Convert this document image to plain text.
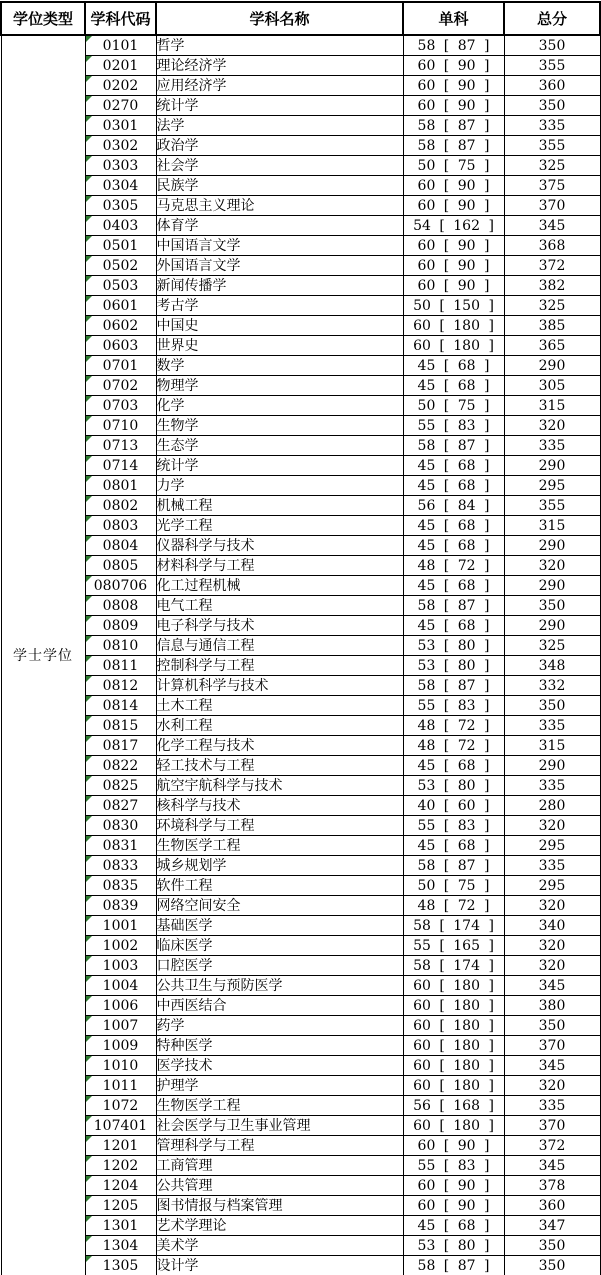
学位类型	学科代码	学科名称	单科	总分
学士学位	0101	哲学	58 [ 87 ]	350

0201	理论经济学	60 [ 90 ]	355

0202	应用经济学	60 [ 90 ]	360

0270	统计学	60 [ 90 ]	350

0301	法学	58 [ 87 ]	335

0302	政治学	58 [ 87 ]	355

0303	社会学	50 [ 75 ]	325

0304	民族学	60 [ 90 ]	375

0305	马克思主义理论	60 [ 90 ]	370

0403	体育学	54 [ 162 ]	345

0501	中国语言文学	60 [ 90 ]	368

0502	外国语言文学	60 [ 90 ]	372

0503	新闻传播学	60 [ 90 ]	382

0601	考古学	50 [ 150 ]	325

0602	中国史	60 [ 180 ]	385

0603	世界史	60 [ 180 ]	365

0701	数学	45 [ 68 ]	290

0702	物理学	45 [ 68 ]	305

0703	化学	50 [ 75 ]	315

0710	生物学	55 [ 83 ]	320

0713	生态学	58 [ 87 ]	335

0714	统计学	45 [ 68 ]	290

0801	力学	45 [ 68 ]	295

0802	机械工程	56 [ 84 ]	355

0803	光学工程	45 [ 68 ]	315

0804	仪器科学与技术	45 [ 68 ]	290

0805	材料科学与工程	48 [ 72 ]	320

080706	化工过程机械	45 [ 68 ]	290

0808	电气工程	58 [ 87 ]	350

0809	电子科学与技术	45 [ 68 ]	290

0810	信息与通信工程	53 [ 80 ]	325

0811	控制科学与工程	53 [ 80 ]	348

0812	计算机科学与技术	58 [ 87 ]	332

0814	土木工程	55 [ 83 ]	350

0815	水利工程	48 [ 72 ]	335

0817	化学工程与技术	48 [ 72 ]	315

0822	轻工技术与工程	45 [ 68 ]	290

0825	航空宇航科学与技术	53 [ 80 ]	335

0827	核科学与技术	40 [ 60 ]	280

0830	环境科学与工程	55 [ 83 ]	320

0831	生物医学工程	45 [ 68 ]	295

0833	城乡规划学	58 [ 87 ]	335

0835	软件工程	50 [ 75 ]	295

0839	网络空间安全	48 [ 72 ]	320

1001	基础医学	58 [ 174 ]	340

1002	临床医学	55 [ 165 ]	320

1003	口腔医学	58 [ 174 ]	320

1004	公共卫生与预防医学	60 [ 180 ]	345

1006	中西医结合	60 [ 180 ]	380

1007	药学	60 [ 180 ]	350

1009	特种医学	60 [ 180 ]	370

1010	医学技术	60 [ 180 ]	345

1011	护理学	60 [ 180 ]	320

1072	生物医学工程	56 [ 168 ]	335

107401	社会医学与卫生事业管理	60 [ 180 ]	370

1201	管理科学与工程	60 [ 90 ]	372

1202	工商管理	55 [ 83 ]	345

1204	公共管理	60 [ 90 ]	378

1205	图书情报与档案管理	60 [ 90 ]	360

1301	艺术学理论	45 [ 68 ]	347

1304	美术学	53 [ 80 ]	350

1305	设计学	58 [ 87 ]	350
